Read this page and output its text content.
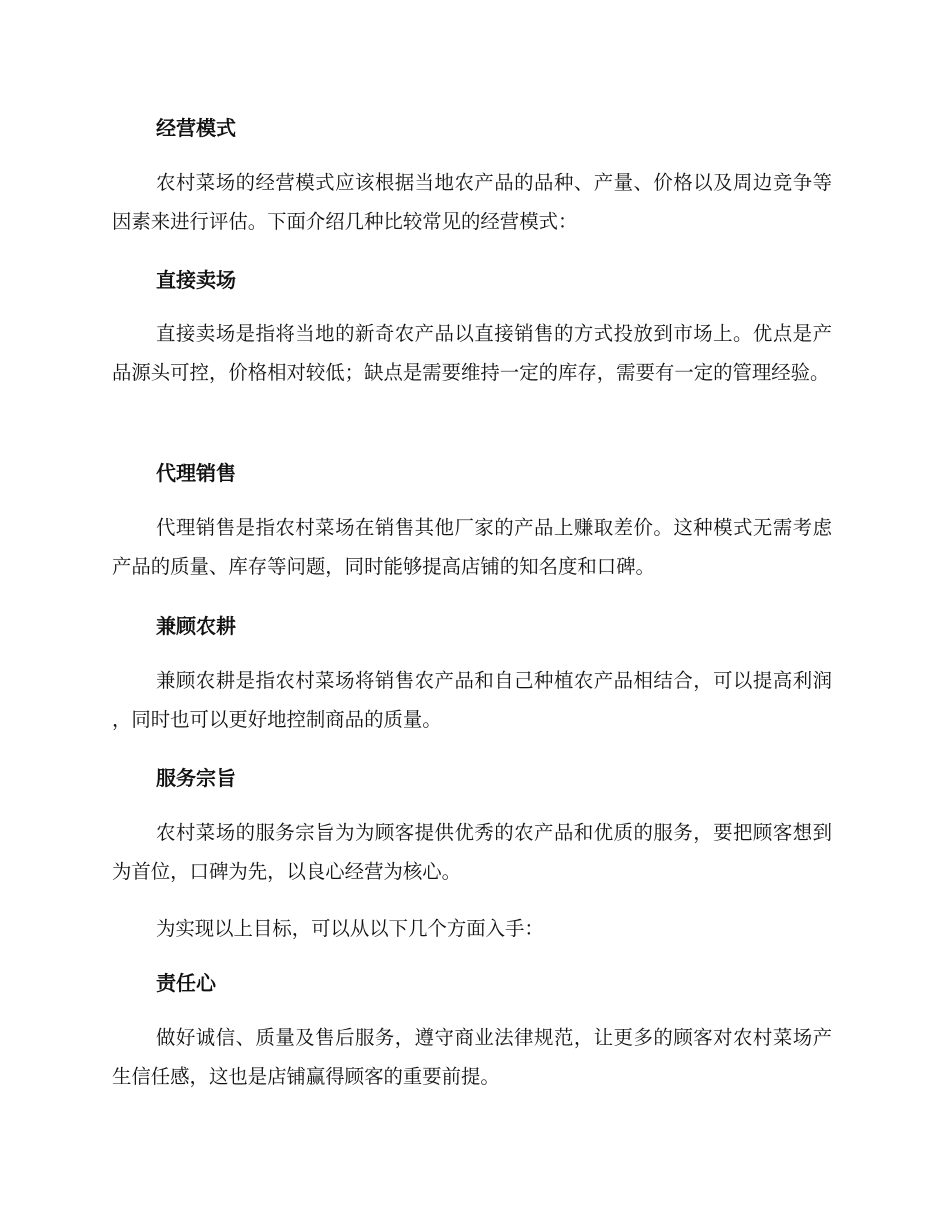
经营模式

农村菜场的经营模式应该根据当地农产品的品种、产量、价格以及周边竞争等因素来进行评估。下面介绍几种比较常见的经营模式：

直接卖场

直接卖场是指将当地的新奇农产品以直接销售的方式投放到市场上。优点是产品源头可控，价格相对较低；缺点是需要维持一定的库存，需要有一定的管理经验。

代理销售

代理销售是指农村菜场在销售其他厂家的产品上赚取差价。这种模式无需考虑产品的质量、库存等问题，同时能够提高店铺的知名度和口碑。

兼顾农耕

兼顾农耕是指农村菜场将销售农产品和自己种植农产品相结合，可以提高利润，同时也可以更好地控制商品的质量。

服务宗旨

农村菜场的服务宗旨为为顾客提供优秀的农产品和优质的服务，要把顾客想到为首位，口碑为先，以良心经营为核心。

为实现以上目标，可以从以下几个方面入手：

责任心

做好诚信、质量及售后服务，遵守商业法律规范，让更多的顾客对农村菜场产生信任感，这也是店铺赢得顾客的重要前提。
